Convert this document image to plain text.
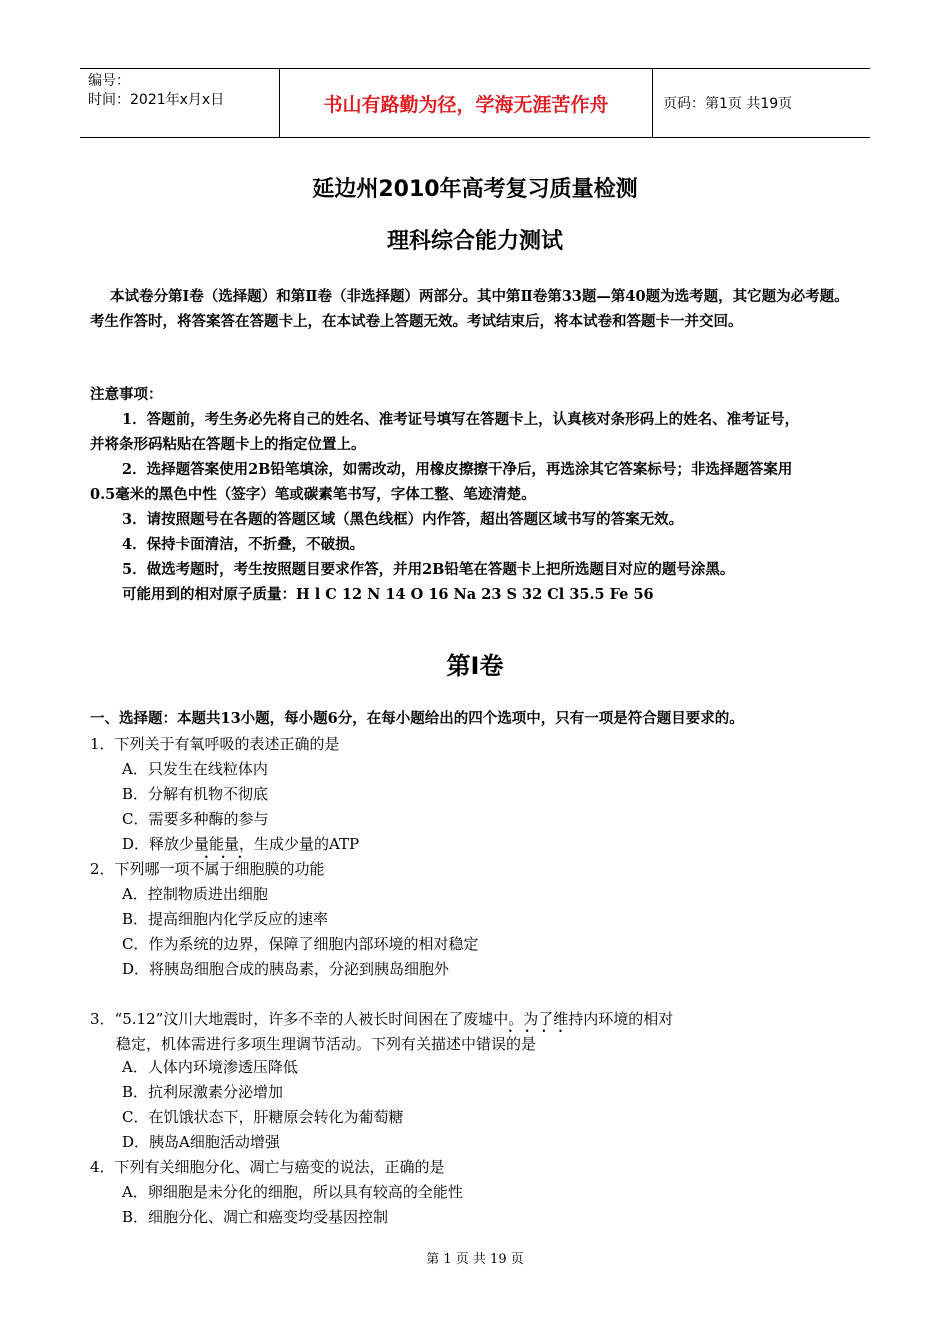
编号：
时间：2021年x月x日	书山有路勤为径，学海无涯苦作舟	页码：第1页 共19页
延边州2010年高考复习质量检测
理科综合能力测试
本试卷分第Ⅰ卷（选择题）和第Ⅱ卷（非选择题）两部分。其中第Ⅱ卷第33题—第40题为选考题，其它题为必考题。考生作答时，将答案答在答题卡上，在本试卷上答题无效。考试结束后，将本试卷和答题卡一并交回。
注意事项：
1．答题前，考生务必先将自己的姓名、准考证号填写在答题卡上，认真核对条形码上的姓名、准考证号，
并将条形码粘贴在答题卡上的指定位置上。
2．选择题答案使用2B铅笔填涂，如需改动，用橡皮擦擦干净后，再选涂其它答案标号；非选择题答案用
0.5毫米的黑色中性（签字）笔或碳素笔书写，字体工整、笔迹清楚。
3．请按照题号在各题的答题区域（黑色线框）内作答，超出答题区域书写的答案无效。
4．保持卡面清洁，不折叠，不破损。
5．做选考题时，考生按照题目要求作答，并用2B铅笔在答题卡上把所选题目对应的题号涂黑。
可能用到的相对原子质量：H l C 12 N 14 O 16 Na 23 S 32 Cl 35.5 Fe 56
第Ⅰ卷
一、选择题：本题共13小题，每小题6分，在每小题给出的四个选项中，只有一项是符合题目要求的。
1．下列关于有氧呼吸的表述正确的是
A．只发生在线粒体内
B．分解有机物不彻底
C．需要多种酶的参与
D．释放少量能量，生成少量的ATP
•••
2．下列哪一项不属于细胞膜的功能
A．控制物质进出细胞
B．提高细胞内化学反应的速率
C．作为系统的边界，保障了细胞内部环境的相对稳定
D．将胰岛细胞合成的胰岛素，分泌到胰岛细胞外
3．“5.12”汶川大地震时，许多不幸的人被长时间困在了废墟中。为了维持内环境的相对
••••
稳定，机体需进行多项生理调节活动。下列有关描述中错误的是
A．人体内环境渗透压降低
B．抗利尿激素分泌增加
C．在饥饿状态下，肝糖原会转化为葡萄糖
D．胰岛A细胞活动增强
4．下列有关细胞分化、凋亡与癌变的说法，正确的是
A．卵细胞是未分化的细胞，所以具有较高的全能性
B．细胞分化、凋亡和癌变均受基因控制
第 1 页 共 19 页
